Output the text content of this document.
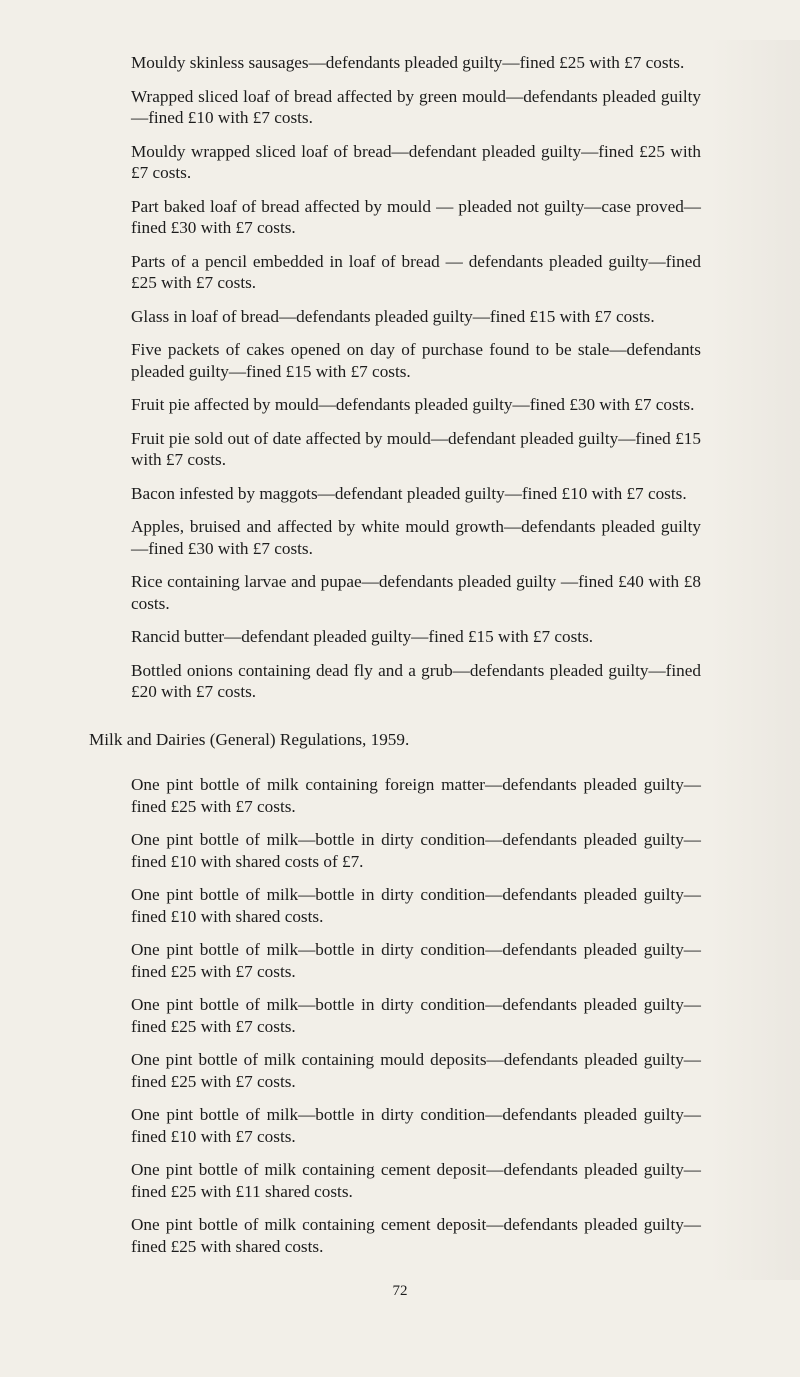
Mouldy skinless sausages—defendants pleaded guilty—fined £25 with £7 costs.

Wrapped sliced loaf of bread affected by green mould—defendants pleaded guilty—fined £10 with £7 costs.

Mouldy wrapped sliced loaf of bread—defendant pleaded guilty—fined £25 with £7 costs.

Part baked loaf of bread affected by mould — pleaded not guilty—case proved—fined £30 with £7 costs.

Parts of a pencil embedded in loaf of bread — defendants pleaded guilty—fined £25 with £7 costs.

Glass in loaf of bread—defendants pleaded guilty—fined £15 with £7 costs.

Five packets of cakes opened on day of purchase found to be stale—defendants pleaded guilty—fined £15 with £7 costs.

Fruit pie affected by mould—defendants pleaded guilty—fined £30 with £7 costs.

Fruit pie sold out of date affected by mould—defendant pleaded guilty—fined £15 with £7 costs.

Bacon infested by maggots—defendant pleaded guilty—fined £10 with £7 costs.

Apples, bruised and affected by white mould growth—defendants pleaded guilty—fined £30 with £7 costs.

Rice containing larvae and pupae—defendants pleaded guilty —fined £40 with £8 costs.

Rancid butter—defendant pleaded guilty—fined £15 with £7 costs.

Bottled onions containing dead fly and a grub—defendants pleaded guilty—fined £20 with £7 costs.

Milk and Dairies (General) Regulations, 1959.

One pint bottle of milk containing foreign matter—defendants pleaded guilty—fined £25 with £7 costs.

One pint bottle of milk—bottle in dirty condition—defendants pleaded guilty—fined £10 with shared costs of £7.

One pint bottle of milk—bottle in dirty condition—defendants pleaded guilty—fined £10 with shared costs.

One pint bottle of milk—bottle in dirty condition—defendants pleaded guilty—fined £25 with £7 costs.

One pint bottle of milk—bottle in dirty condition—defendants pleaded guilty—fined £25 with £7 costs.

One pint bottle of milk containing mould deposits—defendants pleaded guilty—fined £25 with £7 costs.

One pint bottle of milk—bottle in dirty condition—defendants pleaded guilty—fined £10 with £7 costs.

One pint bottle of milk containing cement deposit—defendants pleaded guilty—fined £25 with £11 shared costs.

One pint bottle of milk containing cement deposit—defendants pleaded guilty—fined £25 with shared costs.

72
